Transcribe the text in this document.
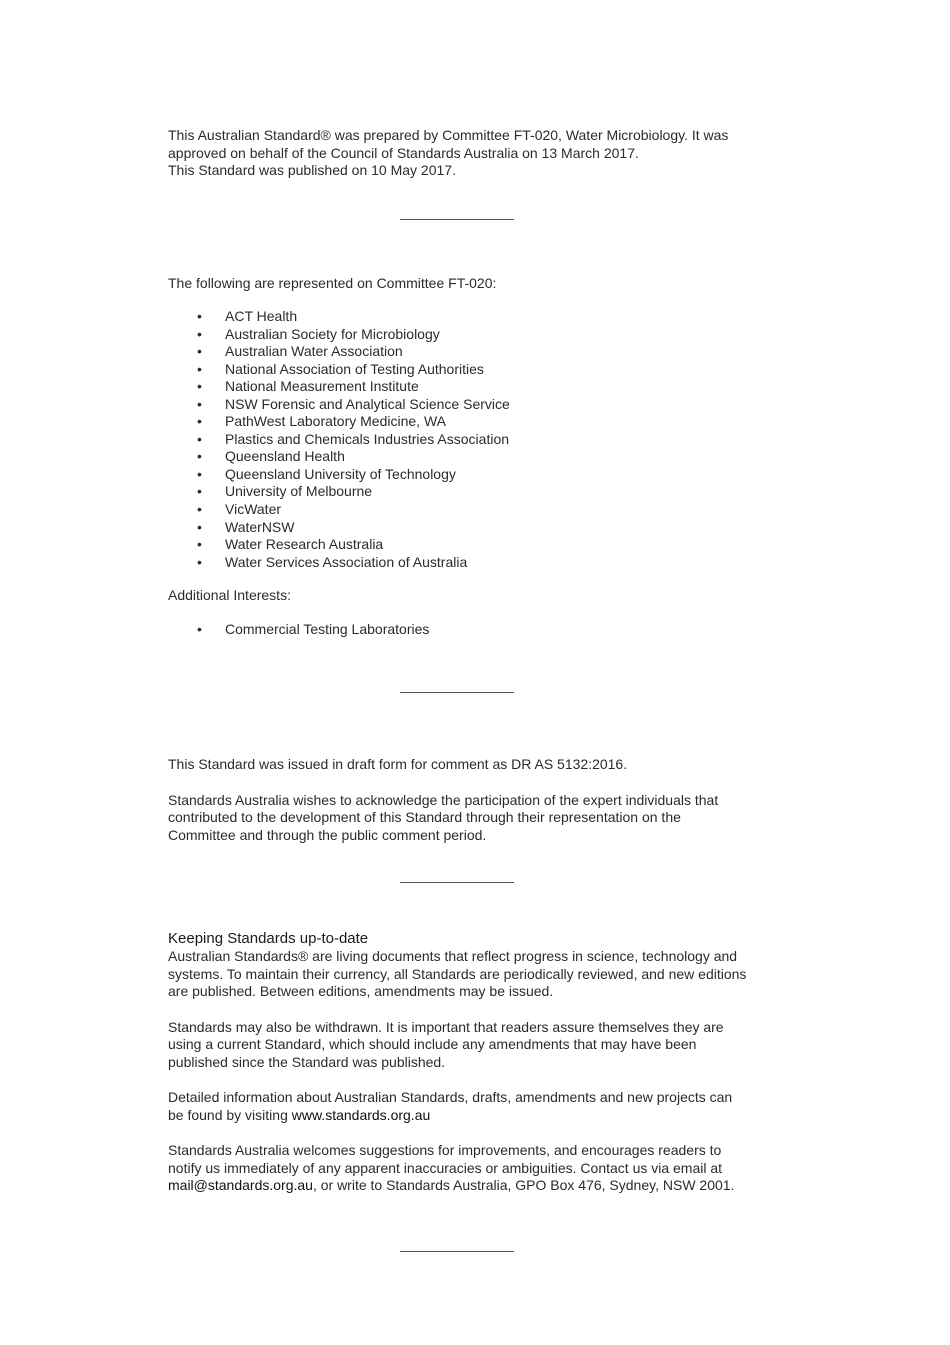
This Australian Standard® was prepared by Committee FT-020, Water Microbiology. It was
approved on behalf of the Council of Standards Australia on 13 March 2017.
This Standard was published on 10 May 2017.

The following are represented on Committee FT-020:

• ACT Health
• Australian Society for Microbiology
• Australian Water Association
• National Association of Testing Authorities
• National Measurement Institute
• NSW Forensic and Analytical Science Service
• PathWest Laboratory Medicine, WA
• Plastics and Chemicals Industries Association
• Queensland Health
• Queensland University of Technology
• University of Melbourne
• VicWater
• WaterNSW
• Water Research Australia
• Water Services Association of Australia

Additional Interests:

• Commercial Testing Laboratories

This Standard was issued in draft form for comment as DR AS 5132:2016.

Standards Australia wishes to acknowledge the participation of the expert individuals that
contributed to the development of this Standard through their representation on the
Committee and through the public comment period.

Keeping Standards up-to-date

Australian Standards® are living documents that reflect progress in science, technology and
systems. To maintain their currency, all Standards are periodically reviewed, and new editions
are published. Between editions, amendments may be issued.

Standards may also be withdrawn. It is important that readers assure themselves they are
using a current Standard, which should include any amendments that may have been
published since the Standard was published.

Detailed information about Australian Standards, drafts, amendments and new projects can
be found by visiting www.standards.org.au

Standards Australia welcomes suggestions for improvements, and encourages readers to
notify us immediately of any apparent inaccuracies or ambiguities. Contact us via email at
mail@standards.org.au, or write to Standards Australia, GPO Box 476, Sydney, NSW 2001.
